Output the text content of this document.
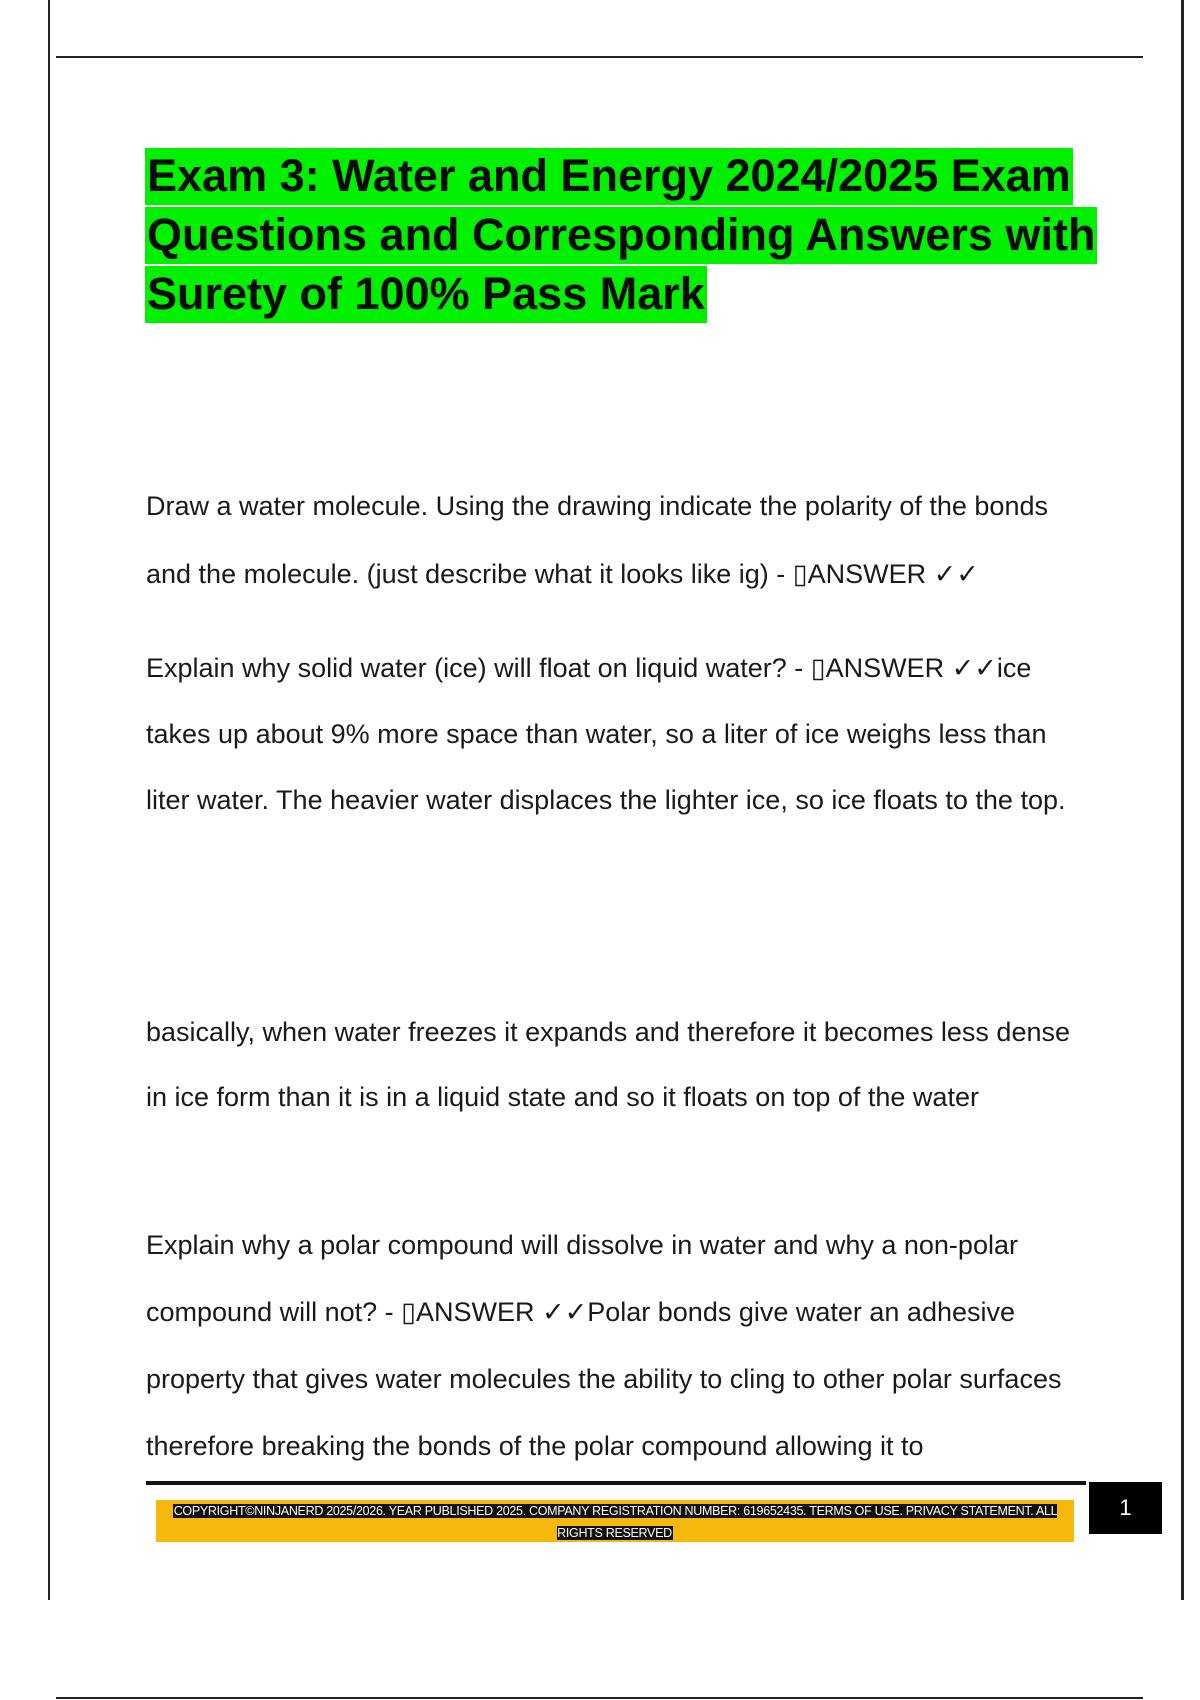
Exam 3: Water and Energy 2024/2025 Exam Questions and Corresponding Answers with Surety of 100% Pass Mark

Draw a water molecule. Using the drawing indicate the polarity of the bonds and the molecule. (just describe what it looks like ig) - ▯ANSWER ✓✓

Explain why solid water (ice) will float on liquid water? - ▯ANSWER ✓✓ice takes up about 9% more space than water, so a liter of ice weighs less than liter water. The heavier water displaces the lighter ice, so ice floats to the top.

basically, when water freezes it expands and therefore it becomes less dense in ice form than it is in a liquid state and so it floats on top of the water

Explain why a polar compound will dissolve in water and why a non-polar compound will not? - ▯ANSWER ✓✓Polar bonds give water an adhesive property that gives water molecules the ability to cling to other polar surfaces therefore breaking the bonds of the polar compound allowing it to

COPYRIGHT©NINJANERD 2025/2026. YEAR PUBLISHED 2025. COMPANY REGISTRATION NUMBER: 619652435. TERMS OF USE. PRIVACY STATEMENT. ALL RIGHTS RESERVED
1
